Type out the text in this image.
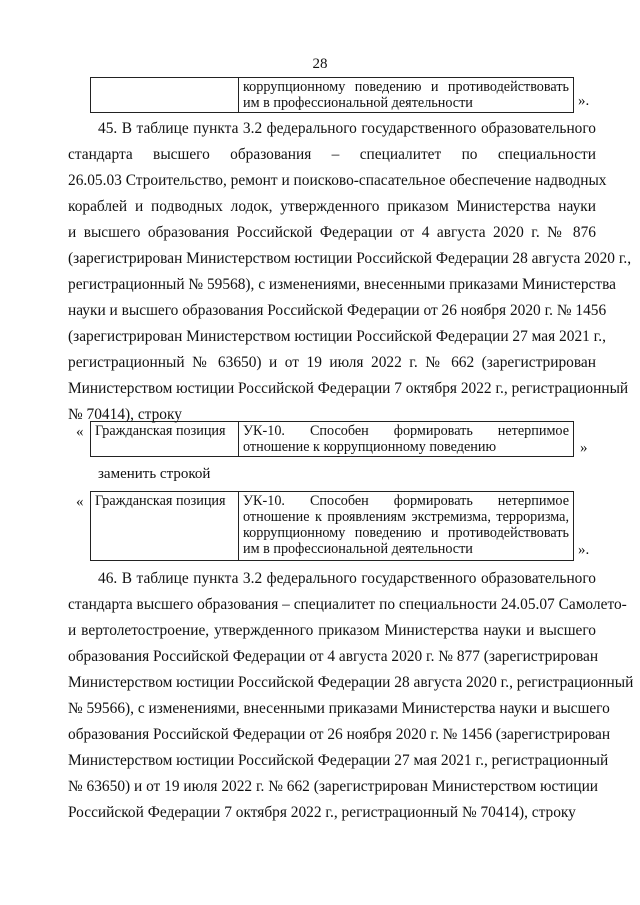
28
коррупционному поведению и противодействовать
им в профессиональной деятельности	».
45. В таблице пункта 3.2 федерального государственного образовательного
стандарта высшего образования – специалитет по специальности
26.05.03 Строительство, ремонт и поисково-спасательное обеспечение надводных
кораблей и подводных лодок, утвержденного приказом Министерства науки
и высшего образования Российской Федерации от 4 августа 2020 г. № 876
(зарегистрирован Министерством юстиции Российской Федерации 28 августа 2020 г.,
регистрационный № 59568), с изменениями, внесенными приказами Министерства
науки и высшего образования Российской Федерации от 26 ноября 2020 г. № 1456
(зарегистрирован Министерством юстиции Российской Федерации 27 мая 2021 г.,
регистрационный № 63650) и от 19 июля 2022 г. № 662 (зарегистрирован
Министерством юстиции Российской Федерации 7 октября 2022 г., регистрационный
№ 70414), строку
« Гражданская позиция	УК-10. Способен формировать нетерпимое
отношение к коррупционному поведению	»
заменить строкой
« Гражданская позиция	УК-10. Способен формировать нетерпимое
отношение к проявлениям экстремизма, терроризма,
коррупционному поведению и противодействовать
им в профессиональной деятельности	».
46. В таблице пункта 3.2 федерального государственного образовательного
стандарта высшего образования – специалитет по специальности 24.05.07 Самолето-
и вертолетостроение, утвержденного приказом Министерства науки и высшего
образования Российской Федерации от 4 августа 2020 г. № 877 (зарегистрирован
Министерством юстиции Российской Федерации 28 августа 2020 г., регистрационный
№ 59566), с изменениями, внесенными приказами Министерства науки и высшего
образования Российской Федерации от 26 ноября 2020 г. № 1456 (зарегистрирован
Министерством юстиции Российской Федерации 27 мая 2021 г., регистрационный
№ 63650) и от 19 июля 2022 г. № 662 (зарегистрирован Министерством юстиции
Российской Федерации 7 октября 2022 г., регистрационный № 70414), строку
